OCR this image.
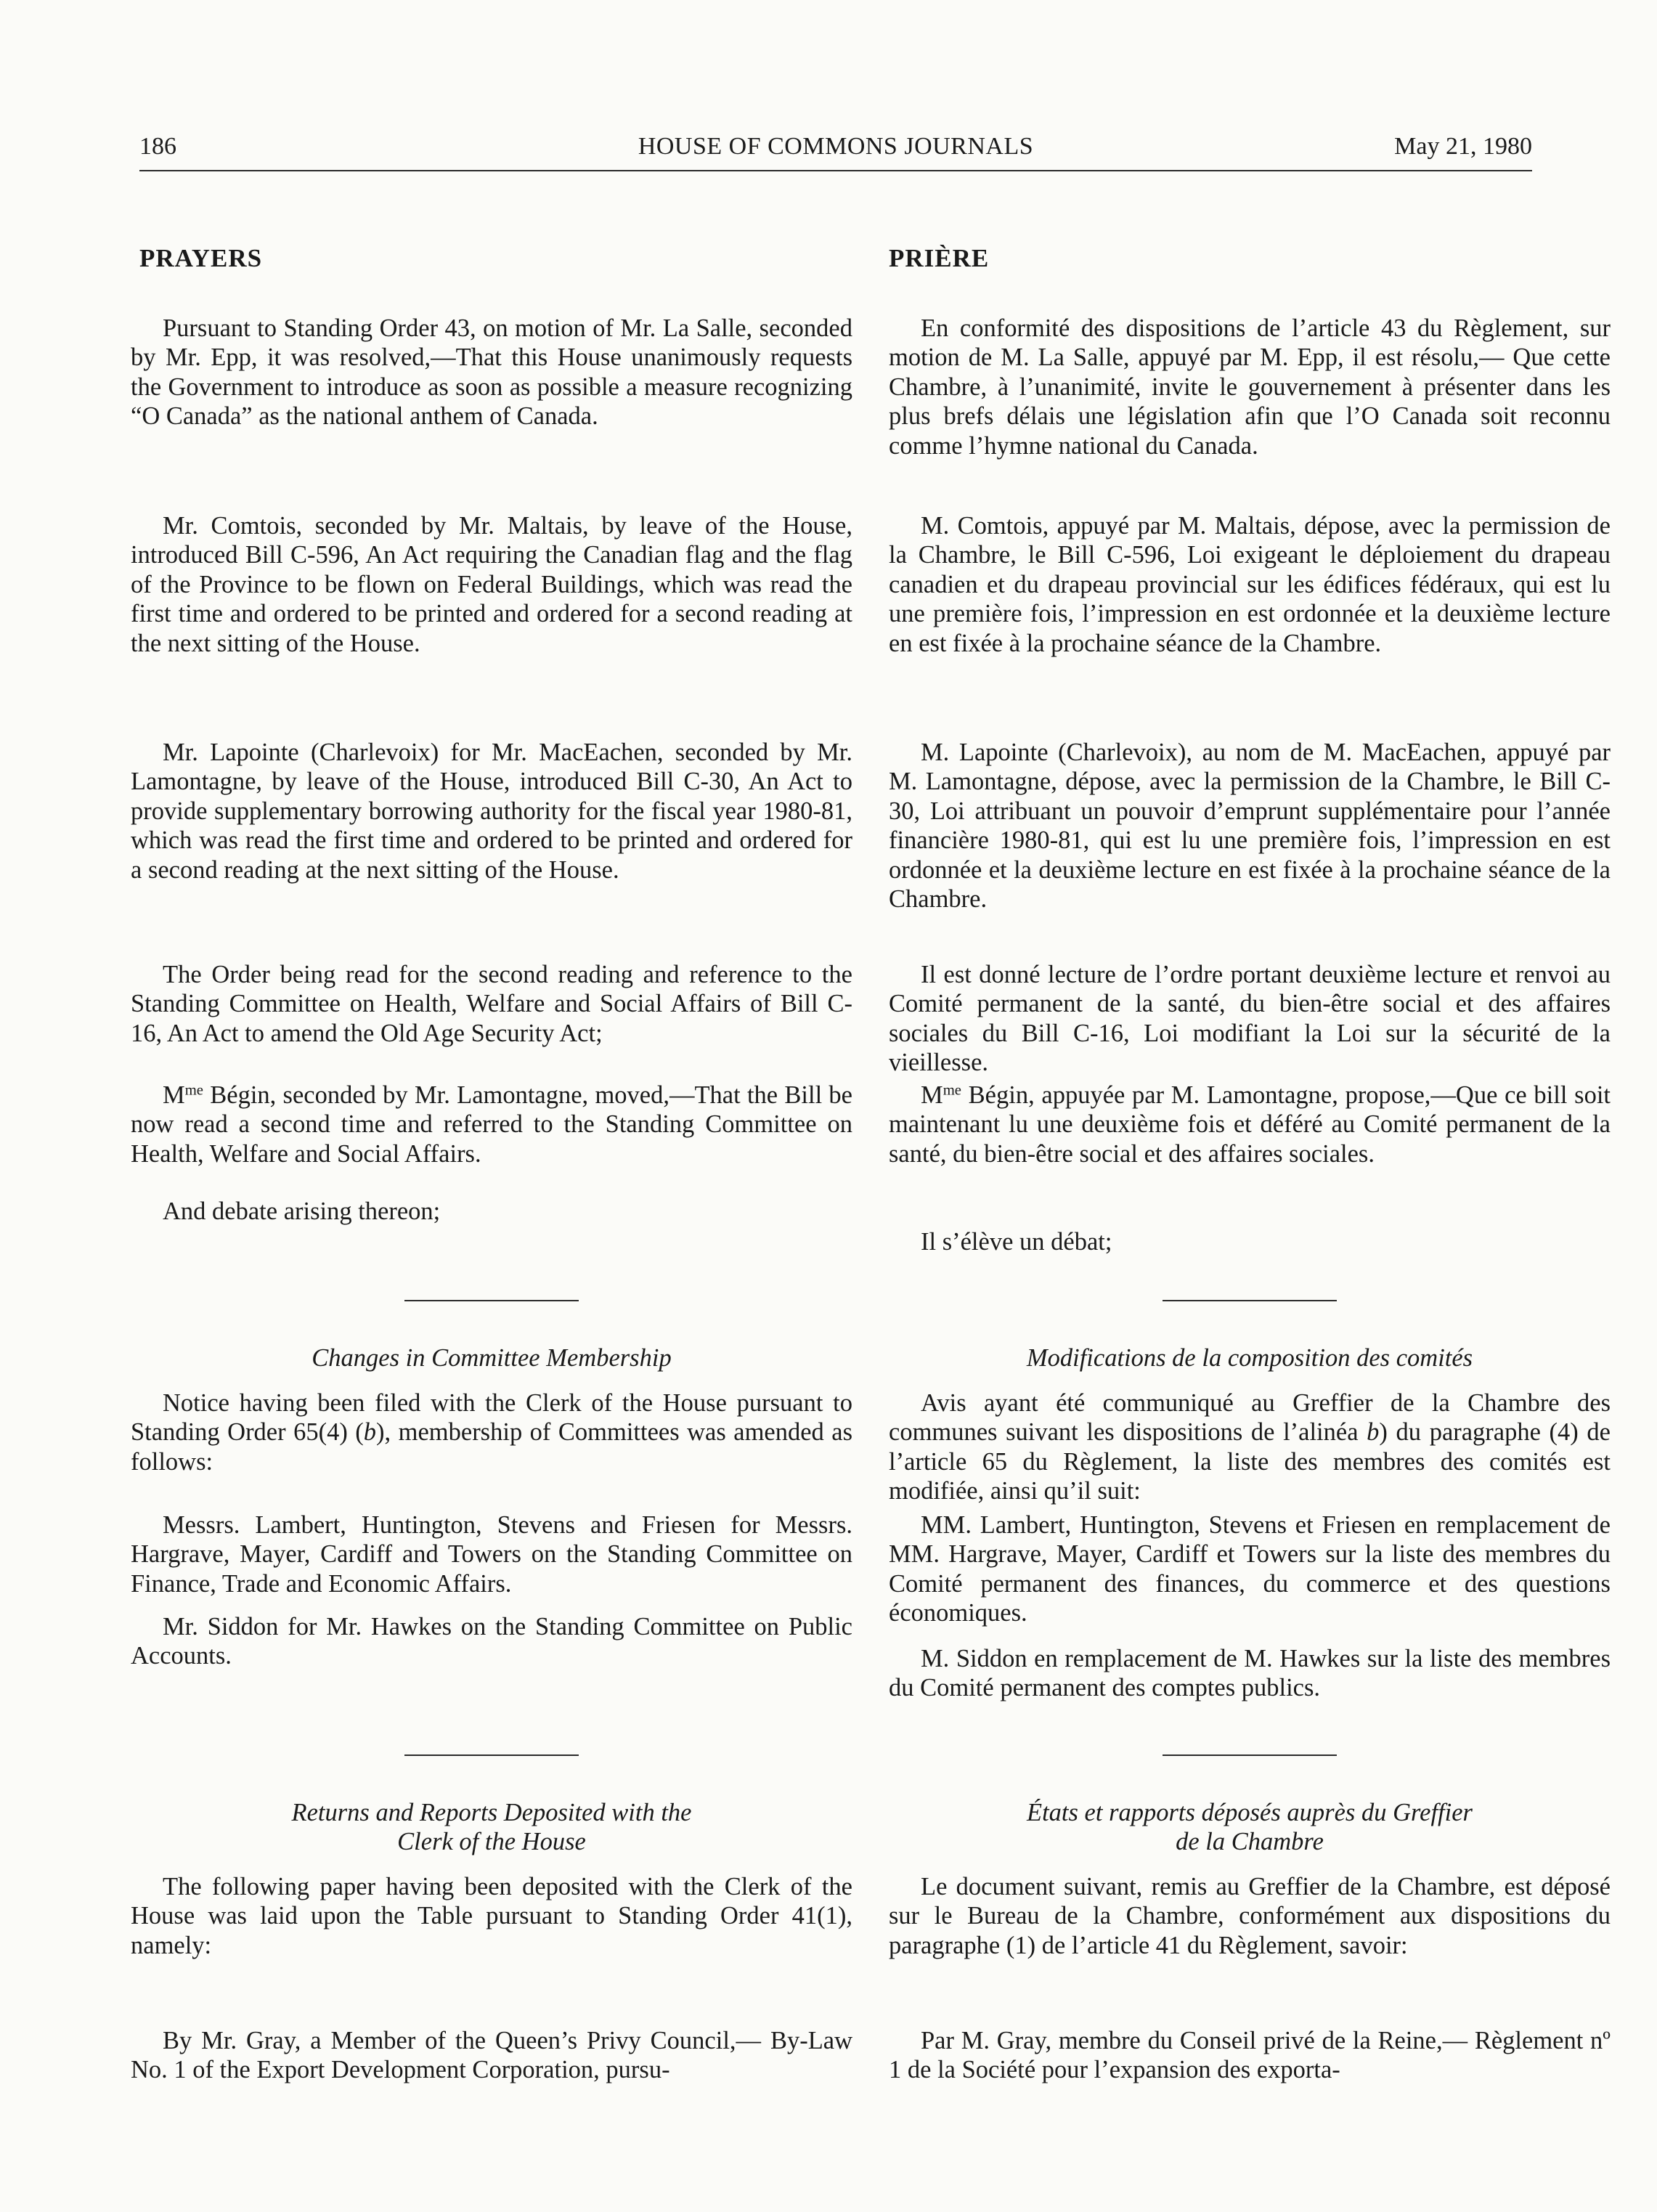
186	HOUSE OF COMMONS JOURNALS	May 21, 1980
PRAYERS

Pursuant to Standing Order 43, on motion of Mr. La Salle, seconded by Mr. Epp, it was resolved,—That this House unanimously requests the Government to introduce as soon as possible a measure recognizing “O Canada” as the national anthem of Canada.

Mr. Comtois, seconded by Mr. Maltais, by leave of the House, introduced Bill C-596, An Act requiring the Canadian flag and the flag of the Province to be flown on Federal Buildings, which was read the first time and ordered to be printed and ordered for a second reading at the next sitting of the House.

Mr. Lapointe (Charlevoix) for Mr. MacEachen, seconded by Mr. Lamontagne, by leave of the House, introduced Bill C-30, An Act to provide supplementary borrowing authority for the fiscal year 1980-81, which was read the first time and ordered to be printed and ordered for a second reading at the next sitting of the House.

The Order being read for the second reading and reference to the Standing Committee on Health, Welfare and Social Affairs of Bill C-16, An Act to amend the Old Age Security Act;

$M^{me}$ Bégin, seconded by Mr. Lamontagne, moved,—That the Bill be now read a second time and referred to the Standing Committee on Health, Welfare and Social Affairs.

And debate arising thereon;

Changes in Committee Membership

Notice having been filed with the Clerk of the House pursuant to Standing Order 65(4) (b), membership of Committees was amended as follows:

Messrs. Lambert, Huntington, Stevens and Friesen for Messrs. Hargrave, Mayer, Cardiff and Towers on the Standing Committee on Finance, Trade and Economic Affairs.

Mr. Siddon for Mr. Hawkes on the Standing Committee on Public Accounts.

Returns and Reports Deposited with the

Clerk of the House

The following paper having been deposited with the Clerk of the House was laid upon the Table pursuant to Standing Order 41(1), namely:

By Mr. Gray, a Member of the Queen’s Privy Council,— By-Law No. 1 of the Export Development Corporation, pursu-

PRIÈRE

En conformité des dispositions de l’article 43 du Règlement, sur motion de M. La Salle, appuyé par M. Epp, il est résolu,— Que cette Chambre, à l’unanimité, invite le gouvernement à présenter dans les plus brefs délais une législation afin que l’O Canada soit reconnu comme l’hymne national du Canada.

M. Comtois, appuyé par M. Maltais, dépose, avec la permission de la Chambre, le Bill C-596, Loi exigeant le déploiement du drapeau canadien et du drapeau provincial sur les édifices fédéraux, qui est lu une première fois, l’impression en est ordonnée et la deuxième lecture en est fixée à la prochaine séance de la Chambre.

M. Lapointe (Charlevoix), au nom de M. MacEachen, appuyé par M. Lamontagne, dépose, avec la permission de la Chambre, le Bill C-30, Loi attribuant un pouvoir d’emprunt supplémentaire pour l’année financière 1980-81, qui est lu une première fois, l’impression en est ordonnée et la deuxième lecture en est fixée à la prochaine séance de la Chambre.

Il est donné lecture de l’ordre portant deuxième lecture et renvoi au Comité permanent de la santé, du bien-être social et des affaires sociales du Bill C-16, Loi modifiant la Loi sur la sécurité de la vieillesse.

$M^{me}$ Bégin, appuyée par M. Lamontagne, propose,—Que ce bill soit maintenant lu une deuxième fois et déféré au Comité permanent de la santé, du bien-être social et des affaires sociales.

Il s’élève un débat;

Modifications de la composition des comités

Avis ayant été communiqué au Greffier de la Chambre des communes suivant les dispositions de l’alinéa b) du paragraphe (4) de l’article 65 du Règlement, la liste des membres des comités est modifiée, ainsi qu’il suit:

MM. Lambert, Huntington, Stevens et Friesen en remplacement de MM. Hargrave, Mayer, Cardiff et Towers sur la liste des membres du Comité permanent des finances, du commerce et des questions économiques.

M. Siddon en remplacement de M. Hawkes sur la liste des membres du Comité permanent des comptes publics.

États et rapports déposés auprès du Greffier

de la Chambre

Le document suivant, remis au Greffier de la Chambre, est déposé sur le Bureau de la Chambre, conformément aux dispositions du paragraphe (1) de l’article 41 du Règlement, savoir:

Par M. Gray, membre du Conseil privé de la Reine,— Règlement nº 1 de la Société pour l’expansion des exporta-
